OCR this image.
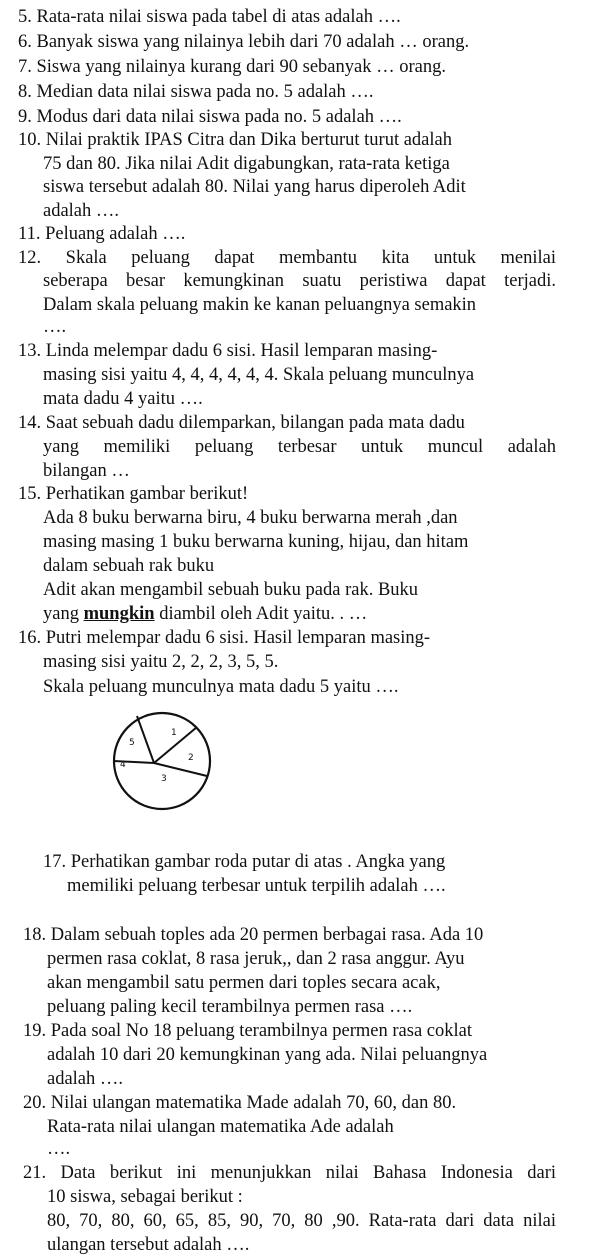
5. Rata-rata nilai siswa pada tabel di atas adalah ….
6. Banyak siswa yang nilainya lebih dari 70 adalah … orang.
7. Siswa yang nilainya kurang dari 90 sebanyak … orang.
8. Median data nilai siswa pada no. 5 adalah ….
9. Modus dari data nilai siswa pada no. 5 adalah ….
10. Nilai praktik IPAS Citra dan Dika berturut turut adalah
75 dan 80. Jika nilai Adit digabungkan, rata-rata ketiga
siswa tersebut adalah 80. Nilai yang harus diperoleh Adit
adalah ….
11. Peluang adalah ….
12. Skala peluang dapat membantu kita untuk menilai
seberapa besar kemungkinan suatu peristiwa dapat terjadi.
Dalam skala peluang makin ke kanan peluangnya semakin
….
13. Linda melempar dadu 6 sisi. Hasil lemparan masing-
masing sisi yaitu 4, 4, 4, 4, 4, 4. Skala peluang munculnya
mata dadu 4 yaitu ….
14. Saat sebuah dadu dilemparkan, bilangan pada mata dadu
yang memiliki peluang terbesar untuk muncul adalah
bilangan …
15. Perhatikan gambar berikut!
Ada 8 buku berwarna biru, 4 buku berwarna merah ,dan
masing masing 1 buku berwarna kuning, hijau, dan hitam
dalam sebuah rak buku
Adit akan mengambil sebuah buku pada rak. Buku
yang mungkin diambil oleh Adit yaitu. . …
16. Putri melempar dadu 6 sisi. Hasil lemparan masing-
masing sisi yaitu 2, 2, 2, 3, 5, 5.
Skala peluang munculnya mata dadu 5 yaitu ….
1
2
3
4
5
17. Perhatikan gambar roda putar di atas . Angka yang
memiliki peluang terbesar untuk terpilih adalah ….
18. Dalam sebuah toples ada 20 permen berbagai rasa. Ada 10
permen rasa coklat, 8 rasa jeruk,, dan 2 rasa anggur. Ayu
akan mengambil satu permen dari toples secara acak,
peluang paling kecil terambilnya permen rasa ….
19. Pada soal No 18 peluang terambilnya permen rasa coklat
adalah 10 dari 20 kemungkinan yang ada. Nilai peluangnya
adalah ….
20. Nilai ulangan matematika Made adalah 70, 60, dan 80.
Rata-rata nilai ulangan matematika Ade adalah
….
21. Data berikut ini menunjukkan nilai Bahasa Indonesia dari
10 siswa, sebagai berikut :
80, 70, 80, 60, 65, 85, 90, 70, 80 ,90. Rata-rata dari data nilai
ulangan tersebut adalah ….
